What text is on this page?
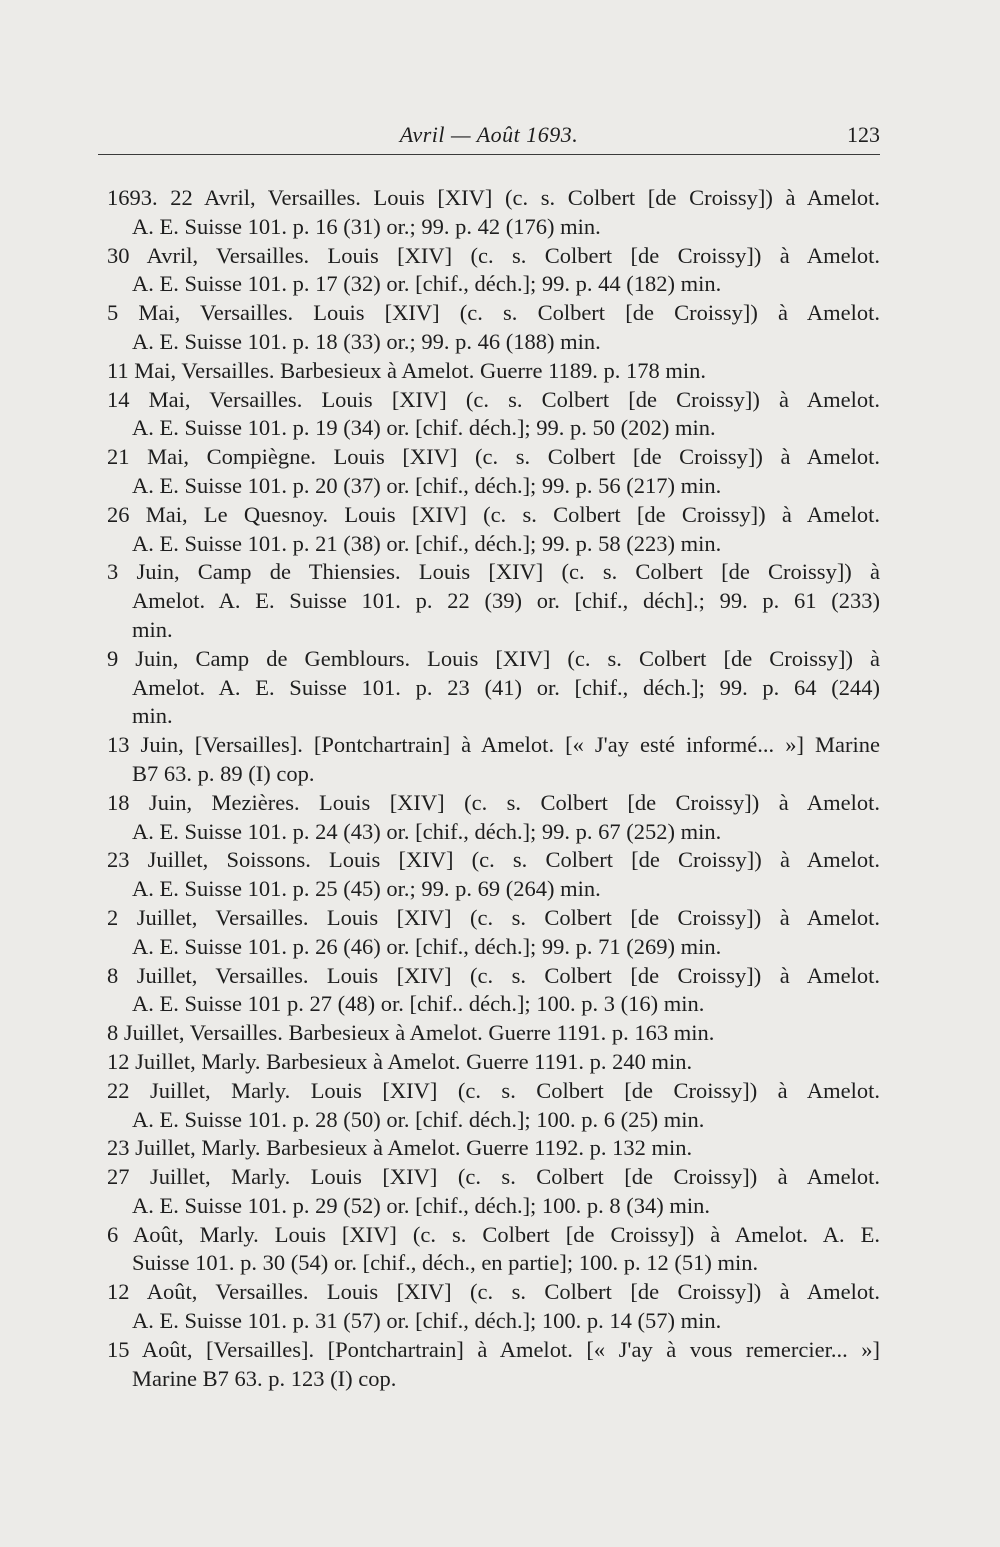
Avril — Août 1693.	123
1693. 22 Avril, Versailles. Louis [XIV] (c. s. Colbert [de Croissy]) à Amelot.
A. E. Suisse 101. p. 16 (31) or.; 99. p. 42 (176) min.
30 Avril, Versailles. Louis [XIV] (c. s. Colbert [de Croissy]) à Amelot.
A. E. Suisse 101. p. 17 (32) or. [chif., déch.]; 99. p. 44 (182) min.
5 Mai, Versailles. Louis [XIV] (c. s. Colbert [de Croissy]) à Amelot.
A. E. Suisse 101. p. 18 (33) or.; 99. p. 46 (188) min.
11 Mai, Versailles. Barbesieux à Amelot. Guerre 1189. p. 178 min.
14 Mai, Versailles. Louis [XIV] (c. s. Colbert [de Croissy]) à Amelot.
A. E. Suisse 101. p. 19 (34) or. [chif. déch.]; 99. p. 50 (202) min.
21 Mai, Compiègne. Louis [XIV] (c. s. Colbert [de Croissy]) à Amelot.
A. E. Suisse 101. p. 20 (37) or. [chif., déch.]; 99. p. 56 (217) min.
26 Mai, Le Quesnoy. Louis [XIV] (c. s. Colbert [de Croissy]) à Amelot.
A. E. Suisse 101. p. 21 (38) or. [chif., déch.]; 99. p. 58 (223) min.
3 Juin, Camp de Thiensies. Louis [XIV] (c. s. Colbert [de Croissy]) à
Amelot. A. E. Suisse 101. p. 22 (39) or. [chif., déch].; 99. p. 61 (233)
min.
9 Juin, Camp de Gemblours. Louis [XIV] (c. s. Colbert [de Croissy]) à
Amelot. A. E. Suisse 101. p. 23 (41) or. [chif., déch.]; 99. p. 64 (244)
min.
13 Juin, [Versailles]. [Pontchartrain] à Amelot. [« J'ay esté informé... »] Marine
B7 63. p. 89 (I) cop.
18 Juin, Mezières. Louis [XIV] (c. s. Colbert [de Croissy]) à Amelot.
A. E. Suisse 101. p. 24 (43) or. [chif., déch.]; 99. p. 67 (252) min.
23 Juillet, Soissons. Louis [XIV] (c. s. Colbert [de Croissy]) à Amelot.
A. E. Suisse 101. p. 25 (45) or.; 99. p. 69 (264) min.
2 Juillet, Versailles. Louis [XIV] (c. s. Colbert [de Croissy]) à Amelot.
A. E. Suisse 101. p. 26 (46) or. [chif., déch.]; 99. p. 71 (269) min.
8 Juillet, Versailles. Louis [XIV] (c. s. Colbert [de Croissy]) à Amelot.
A. E. Suisse 101 p. 27 (48) or. [chif.. déch.]; 100. p. 3 (16) min.
8 Juillet, Versailles. Barbesieux à Amelot. Guerre 1191. p. 163 min.
12 Juillet, Marly. Barbesieux à Amelot. Guerre 1191. p. 240 min.
22 Juillet, Marly. Louis [XIV] (c. s. Colbert [de Croissy]) à Amelot.
A. E. Suisse 101. p. 28 (50) or. [chif. déch.]; 100. p. 6 (25) min.
23 Juillet, Marly. Barbesieux à Amelot. Guerre 1192. p. 132 min.
27 Juillet, Marly. Louis [XIV] (c. s. Colbert [de Croissy]) à Amelot.
A. E. Suisse 101. p. 29 (52) or. [chif., déch.]; 100. p. 8 (34) min.
6 Août, Marly. Louis [XIV] (c. s. Colbert [de Croissy]) à Amelot. A. E.
Suisse 101. p. 30 (54) or. [chif., déch., en partie]; 100. p. 12 (51) min.
12 Août, Versailles. Louis [XIV] (c. s. Colbert [de Croissy]) à Amelot.
A. E. Suisse 101. p. 31 (57) or. [chif., déch.]; 100. p. 14 (57) min.
15 Août, [Versailles]. [Pontchartrain] à Amelot. [« J'ay à vous remercier... »]
Marine B7 63. p. 123 (I) cop.
